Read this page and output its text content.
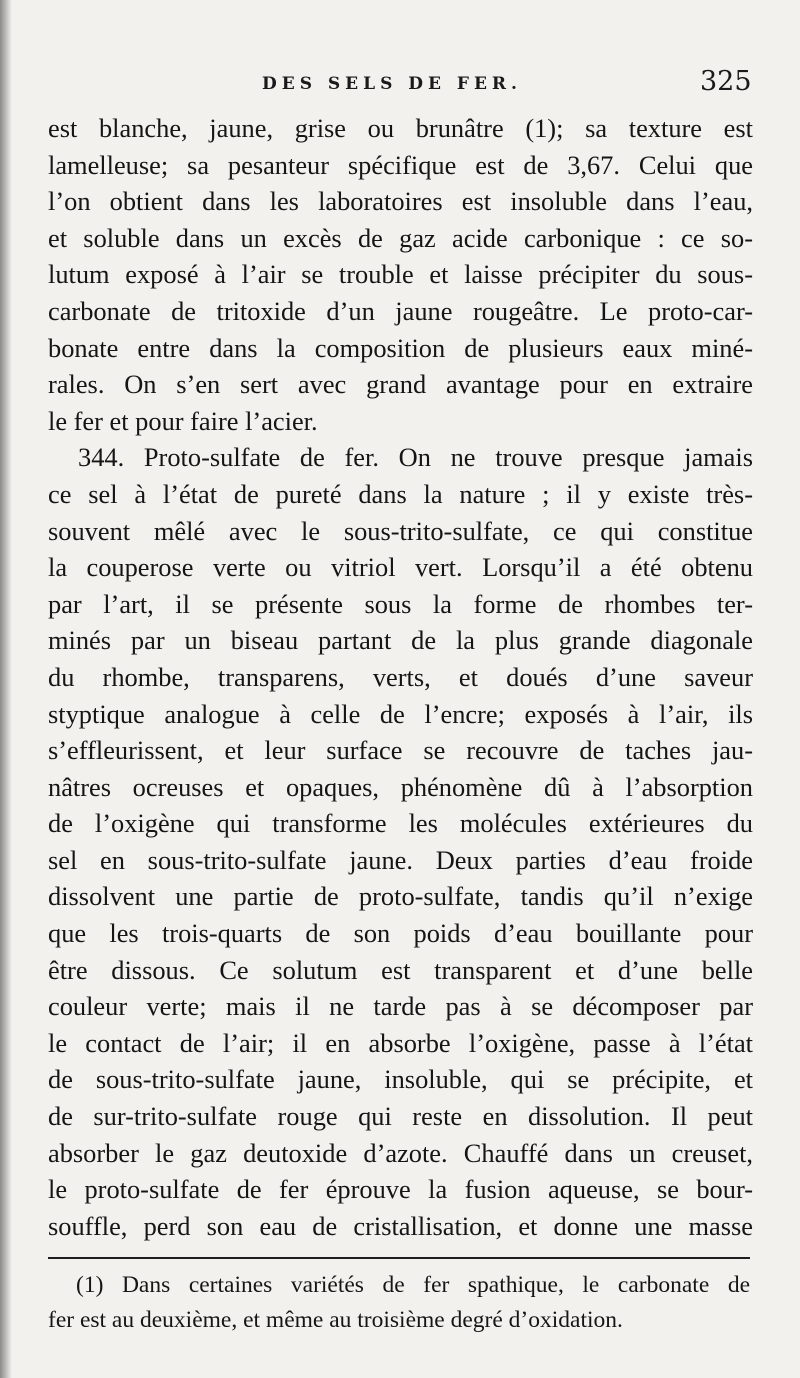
DES SELS DE FER.	325
est blanche, jaune, grise ou brunâtre (1); sa texture est
lamelleuse; sa pesanteur spécifique est de 3,67. Celui que
l’on obtient dans les laboratoires est insoluble dans l’eau,
et soluble dans un excès de gaz acide carbonique : ce so-
lutum exposé à l’air se trouble et laisse précipiter du sous-
carbonate de tritoxide d’un jaune rougeâtre. Le proto-car-
bonate entre dans la composition de plusieurs eaux miné-
rales. On s’en sert avec grand avantage pour en extraire
le fer et pour faire l’acier.
344. Proto-sulfate de fer. On ne trouve presque jamais
ce sel à l’état de pureté dans la nature ; il y existe très-
souvent mêlé avec le sous-trito-sulfate, ce qui constitue
la couperose verte ou vitriol vert. Lorsqu’il a été obtenu
par l’art, il se présente sous la forme de rhombes ter-
minés par un biseau partant de la plus grande diagonale
du rhombe, transparens, verts, et doués d’une saveur
styptique analogue à celle de l’encre; exposés à l’air, ils
s’effleurissent, et leur surface se recouvre de taches jau-
nâtres ocreuses et opaques, phénomène dû à l’absorption
de l’oxigène qui transforme les molécules extérieures du
sel en sous-trito-sulfate jaune. Deux parties d’eau froide
dissolvent une partie de proto-sulfate, tandis qu’il n’exige
que les trois-quarts de son poids d’eau bouillante pour
être dissous. Ce solutum est transparent et d’une belle
couleur verte; mais il ne tarde pas à se décomposer par
le contact de l’air; il en absorbe l’oxigène, passe à l’état
de sous-trito-sulfate jaune, insoluble, qui se précipite, et
de sur-trito-sulfate rouge qui reste en dissolution. Il peut
absorber le gaz deutoxide d’azote. Chauffé dans un creuset,
le proto-sulfate de fer éprouve la fusion aqueuse, se bour-
souffle, perd son eau de cristallisation, et donne une masse
(1) Dans certaines variétés de fer spathique, le carbonate de
fer est au deuxième, et même au troisième degré d’oxidation.
